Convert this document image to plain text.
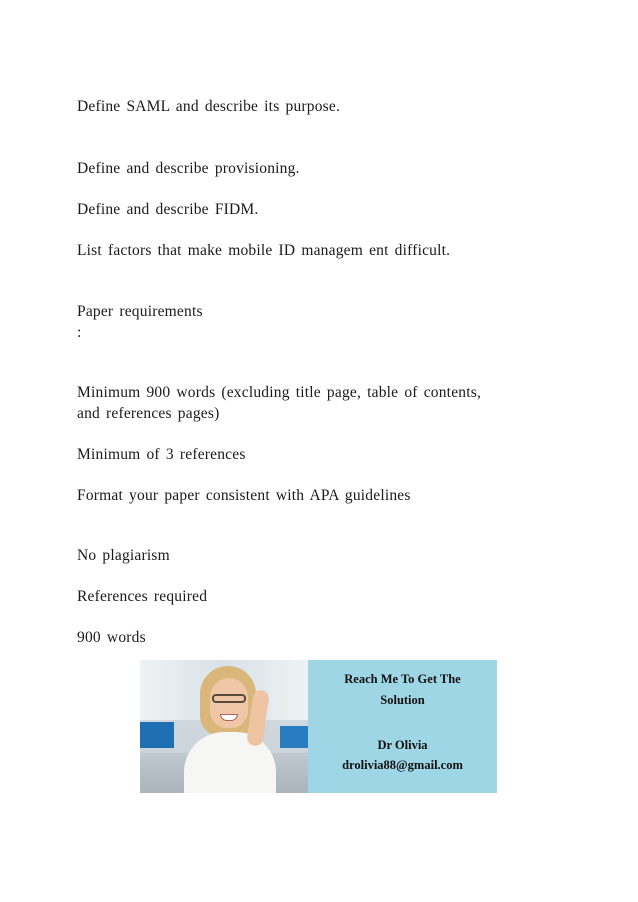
Define SAML and describe its purpose.

Define and describe provisioning.

Define and describe FIDM.

List factors that make mobile ID managem ent difficult.

Paper requirements

:

Minimum 900 words (excluding title page, table of contents,

and references pages)

Minimum of 3 references

Format your paper consistent with APA guidelines

No plagiarism

References required

900 words

Reach Me To Get The

Solution

Dr Olivia

drolivia88@gmail.com
